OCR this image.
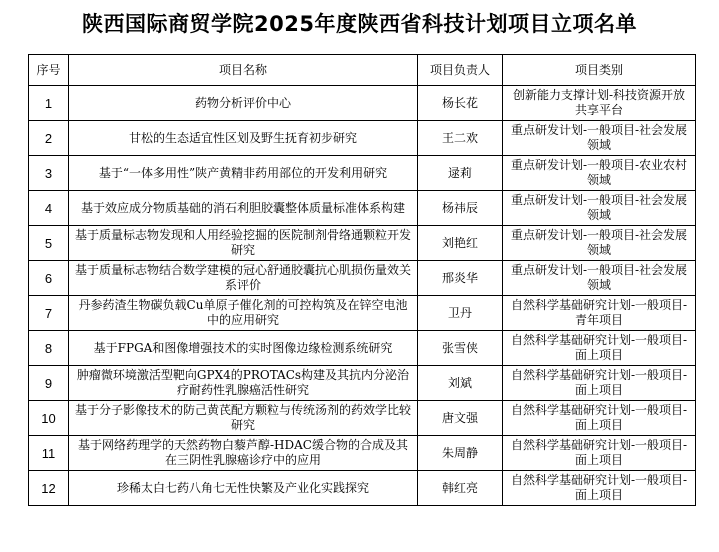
陕西国际商贸学院2025年度陕西省科技计划项目立项名单
序号	项目名称	项目负责人	项目类别
1	药物分析评价中心	杨长花	创新能力支撑计划-科技资源开放共享平台
2	甘松的生态适宜性区划及野生抚育初步研究	王二欢	重点研发计划-一般项目-社会发展领域
3	基于“一体多用性”陕产黄精非药用部位的开发利用研究	逯莉	重点研发计划-一般项目-农业农村领域
4	基于效应成分物质基础的消石利胆胶囊整体质量标准体系构建	杨祎辰	重点研发计划-一般项目-社会发展领域
5	基于质量标志物发现和人用经验挖掘的医院制剂骨络通颗粒开发研究	刘艳红	重点研发计划-一般项目-社会发展领域
6	基于质量标志物结合数学建模的冠心舒通胶囊抗心肌损伤量效关系评价	邢炎华	重点研发计划-一般项目-社会发展领域
7	丹参药渣生物碳负载Cu单原子催化剂的可控构筑及在锌空电池中的应用研究	卫丹	自然科学基础研究计划-一般项目-青年项目
8	基于FPGA和图像增强技术的实时图像边缘检测系统研究	张雪侠	自然科学基础研究计划-一般项目-面上项目
9	肿瘤微环境激活型靶向GPX4的PROTACs构建及其抗内分泌治疗耐药性乳腺癌活性研究	刘斌	自然科学基础研究计划-一般项目-面上项目
10	基于分子影像技术的防己黄芪配方颗粒与传统汤剂的药效学比较研究	唐文强	自然科学基础研究计划-一般项目-面上项目
11	基于网络药理学的天然药物白藜芦醇-HDAC缓合物的合成及其在三阴性乳腺癌诊疗中的应用	朱周静	自然科学基础研究计划-一般项目-面上项目
12	珍稀太白七药八角七无性快繁及产业化实践探究	韩红亮	自然科学基础研究计划-一般项目-面上项目
